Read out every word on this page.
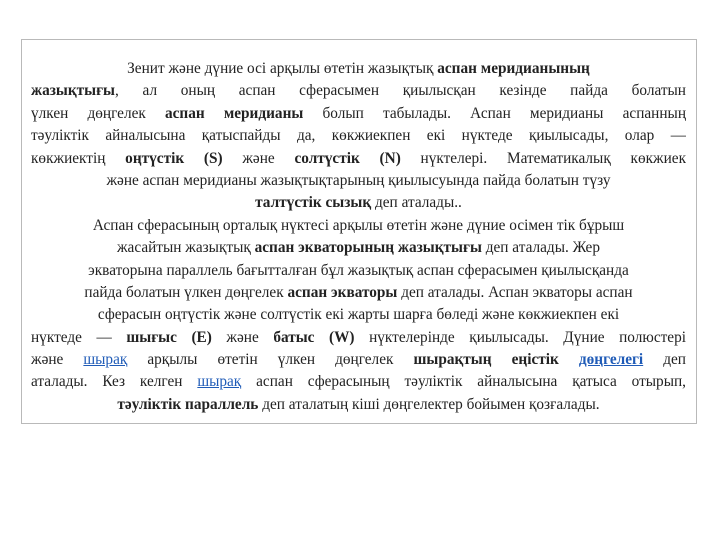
Зенит және дүние осі арқылы өтетін жазықтық аспан меридианының
жазықтығы, ал оның аспан сферасымен қиылысқан кезінде пайда болатын
үлкен дөңгелек аспан меридианы болып табылады. Аспан меридианы аспанның
тәуліктік айналысына қатыспайды да, көкжиекпен екі нүктеде қиылысады, олар —
көкжиектің оңтүстік (S) және солтүстік (N) нүктелері. Математикалық көкжиек
және аспан меридианы жазықтықтарының қиылысуында пайда болатын түзу
талтүстік сызық деп аталады..
Аспан сферасының орталық нүктесі арқылы өтетін және дүние осімен тік бұрыш
жасайтын жазықтық аспан экваторының жазықтығы деп аталады. Жер
экваторына параллель бағытталған бұл жазықтық аспан сферасымен қиылысқанда
пайда болатын үлкен дөңгелек аспан экваторы деп аталады. Аспан экваторы аспан
сферасын оңтүстік және солтүстік екі жарты шарға бөледі және көкжиекпен екі
нүктеде — шығыс (Е) және батыс (W) нүктелерінде қиылысады. Дүние полюстері
және шырақ арқылы өтетін үлкен дөңгелек шырақтың еңістік дөңгелегі деп
аталады. Кез келген шырақ аспан сферасының тәуліктік айналысына қатыса отырып,
тәуліктік параллель деп аталатың кіші дөңгелектер бойымен қозғалады.
